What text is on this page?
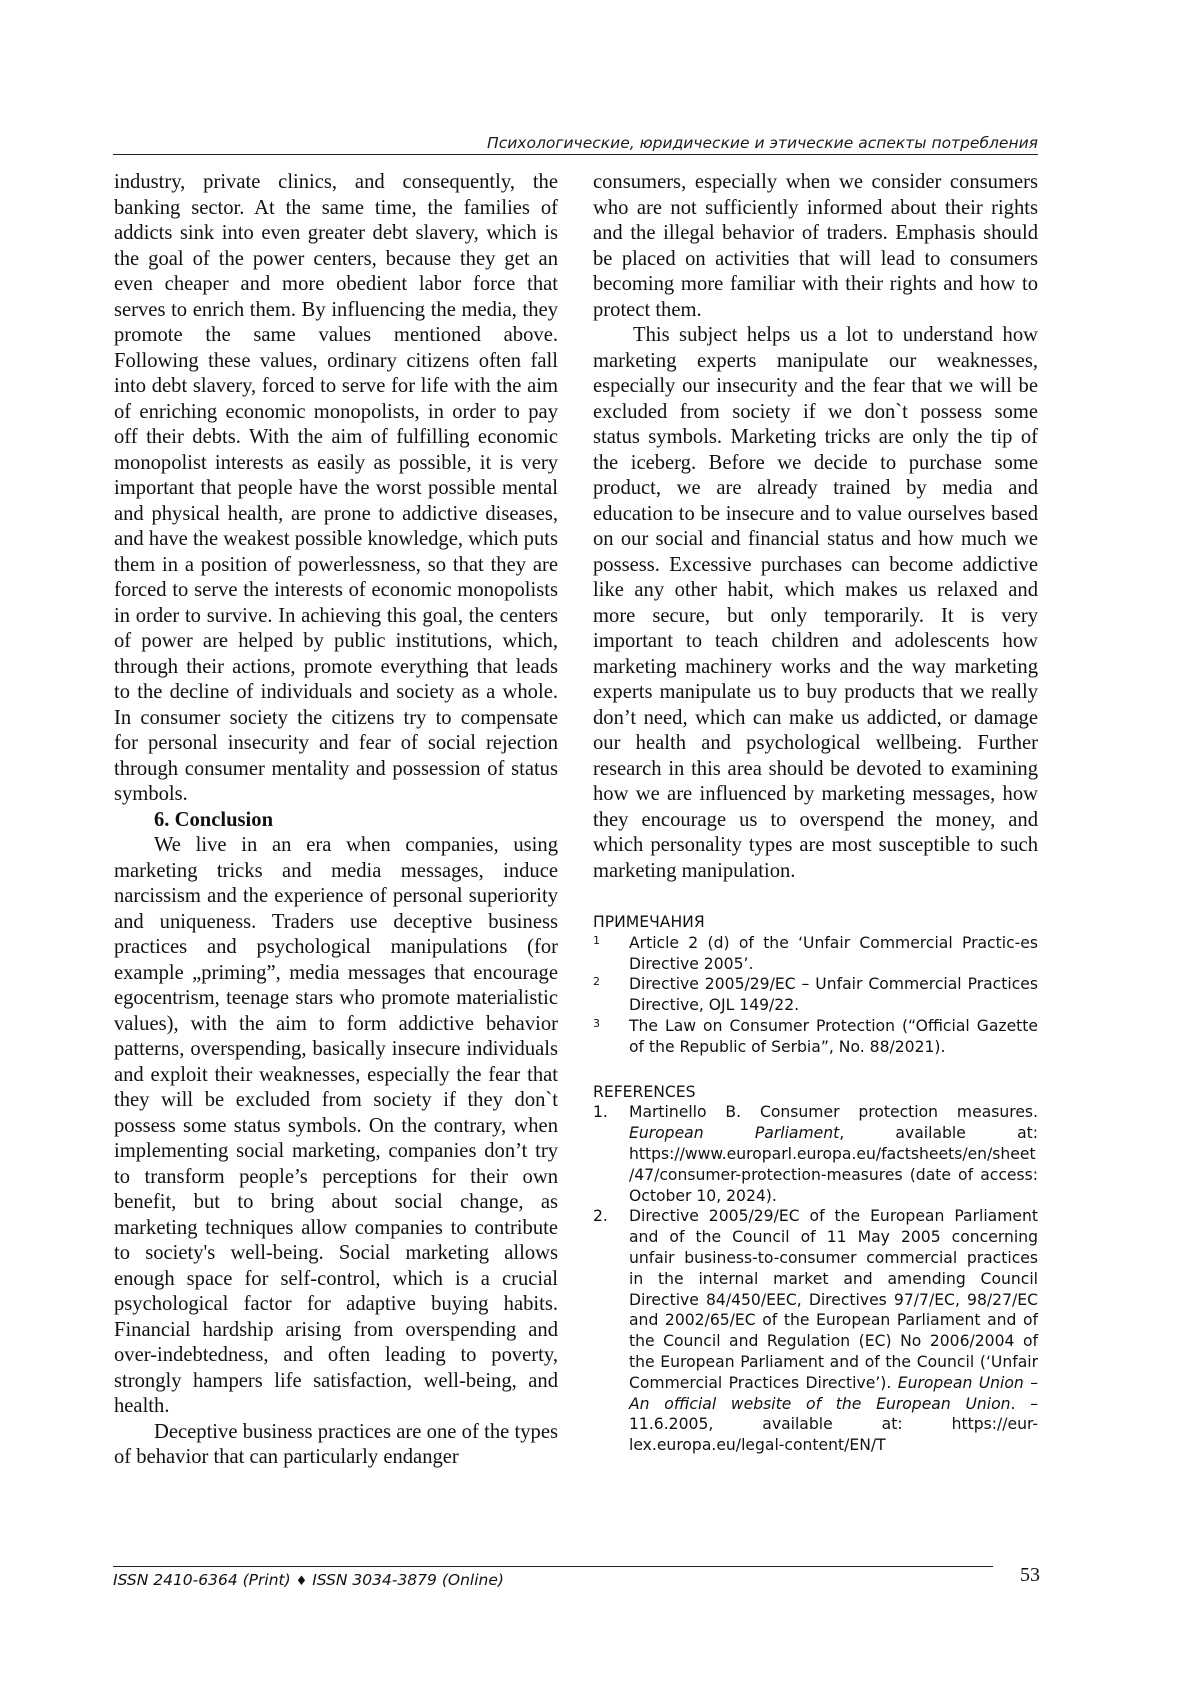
Психологические, юридические и этические аспекты потребления

industry, private clinics, and consequently, the banking sector. At the same time, the families of addicts sink into even greater debt slavery, which is the goal of the power centers, because they get an even cheaper and more obedient labor force that serves to enrich them. By influencing the media, they promote the same values mentioned above. Following these values, ordinary citizens often fall into debt slavery, forced to serve for life with the aim of enriching economic monopolists, in order to pay off their debts. With the aim of fulfilling economic monopolist interests as easily as possible, it is very important that people have the worst possible mental and physical health, are prone to addictive diseases, and have the weakest possible knowledge, which puts them in a position of powerlessness, so that they are forced to serve the interests of economic monopolists in order to survive. In achieving this goal, the centers of power are helped by public institutions, which, through their actions, promote everything that leads to the decline of individuals and society as a whole. In consumer society the citizens try to compensate for personal insecurity and fear of social rejection through consumer mentality and possession of status symbols.

6. Conclusion

We live in an era when companies, using marketing tricks and media messages, induce narcissism and the experience of personal superiority and uniqueness. Traders use deceptive business practices and psychological manipulations (for example „priming”, media messages that encourage egocentrism, teenage stars who promote materialistic values), with the aim to form addictive behavior patterns, overspending, basically insecure individuals and exploit their weaknesses, especially the fear that they will be excluded from society if they don`t possess some status symbols. On the contrary, when implementing social marketing, companies don’t try to transform people’s perceptions for their own benefit, but to bring about social change, as marketing techniques allow companies to contribute to society's well-being. Social marketing allows enough space for self-control, which is a crucial psychological factor for adaptive buying habits. Financial hardship arising from overspending and over-indebtedness, and often leading to poverty, strongly hampers life satisfaction, well-being, and health.

Deceptive business practices are one of the types of behavior that can particularly endanger

consumers, especially when we consider consumers who are not sufficiently informed about their rights and the illegal behavior of traders. Emphasis should be placed on activities that will lead to consumers becoming more familiar with their rights and how to protect them.

This subject helps us a lot to understand how marketing experts manipulate our weaknesses, especially our insecurity and the fear that we will be excluded from society if we don`t possess some status symbols. Marketing tricks are only the tip of the iceberg. Before we decide to purchase some product, we are already trained by media and education to be insecure and to value ourselves based on our social and financial status and how much we possess. Excessive purchases can become addictive like any other habit, which makes us relaxed and more secure, but only temporarily. It is very important to teach children and adolescents how marketing machinery works and the way marketing experts manipulate us to buy products that we really don’t need, which can make us addicted, or damage our health and psychological wellbeing. Further research in this area should be devoted to examining how we are influenced by marketing messages, how they encourage us to overspend the money, and which personality types are most susceptible to such marketing manipulation.

ПРИМЕЧАНИЯ
1	Article 2 (d) of the ‘Unfair Commercial Practic-es Directive 2005’.
2	Directive 2005/29/EC – Unfair Commercial Practices Directive, OJL 149/22.
3	The Law on Consumer Protection (“Official Gazette of the Republic of Serbia”, No. 88/2021).
REFERENCES
1.	Martinello B. Consumer protection measures. European Parliament, available at: https://www.europarl.europa.eu/factsheets/en/sheet/47/consumer-protection-measures (date of access: October 10, 2024).
2.	Directive 2005/29/EC of the European Parliament and of the Council of 11 May 2005 concerning unfair business-to-consumer commercial practices in the internal market and amending Council Directive 84/450/EEC, Directives 97/7/EC, 98/27/EC and 2002/65/EC of the European Parliament and of the Council and Regulation (EC) No 2006/2004 of the European Parliament and of the Council (‘Unfair Commercial Practices Directive’). European Union – An official website of the European Union. – 11.6.2005, available at: https://eur-lex.europa.eu/legal-content/EN/T
ISSN 2410-6364 (Print) ♦ ISSN 3034-3879 (Online)	53
